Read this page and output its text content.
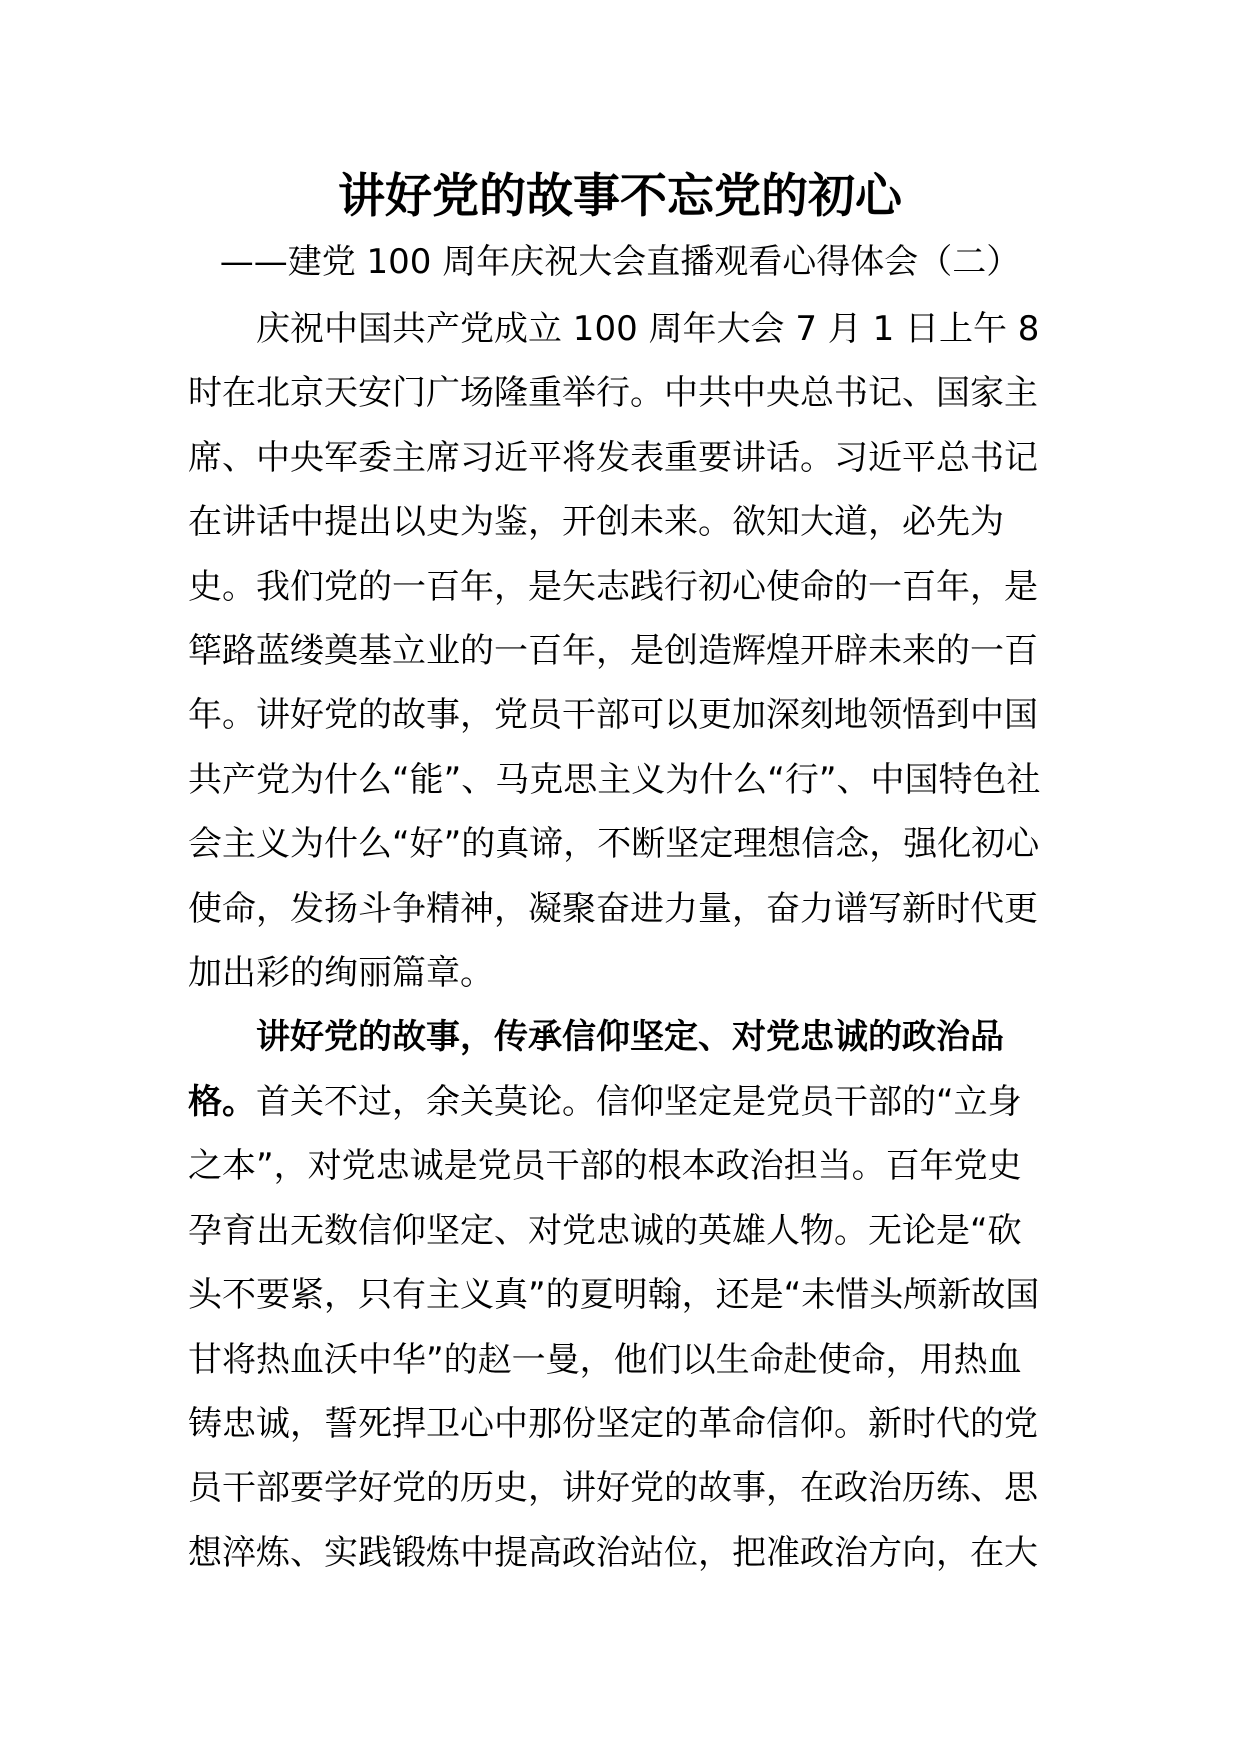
讲好党的故事不忘党的初心
——建党 100 周年庆祝大会直播观看心得体会（二）

庆祝中国共产党成立 100 周年大会 7 月 1 日上午 8 时在北京天安门广场隆重举行。中共中央总书记、国家主席、中央军委主席习近平将发表重要讲话。习近平总书记在讲话中提出以史为鉴，开创未来。欲知大道，必先为史。我们党的一百年，是矢志践行初心使命的一百年，是筚路蓝缕奠基立业的一百年，是创造辉煌开辟未来的一百年。讲好党的故事，党员干部可以更加深刻地领悟到中国共产党为什么“能”、马克思主义为什么“行”、中国特色社会主义为什么“好”的真谛，不断坚定理想信念，强化初心使命，发扬斗争精神，凝聚奋进力量，奋力谱写新时代更加出彩的绚丽篇章。

讲好党的故事，传承信仰坚定、对党忠诚的政治品格。首关不过，余关莫论。信仰坚定是党员干部的“立身之本”，对党忠诚是党员干部的根本政治担当。百年党史孕育出无数信仰坚定、对党忠诚的英雄人物。无论是“砍头不要紧，只有主义真”的夏明翰，还是“未惜头颅新故国甘将热血沃中华”的赵一曼，他们以生命赴使命，用热血铸忠诚，誓死捍卫心中那份坚定的革命信仰。新时代的党员干部要学好党的历史，讲好党的故事，在政治历练、思想淬炼、实践锻炼中提高政治站位，把准政治方向，在大
